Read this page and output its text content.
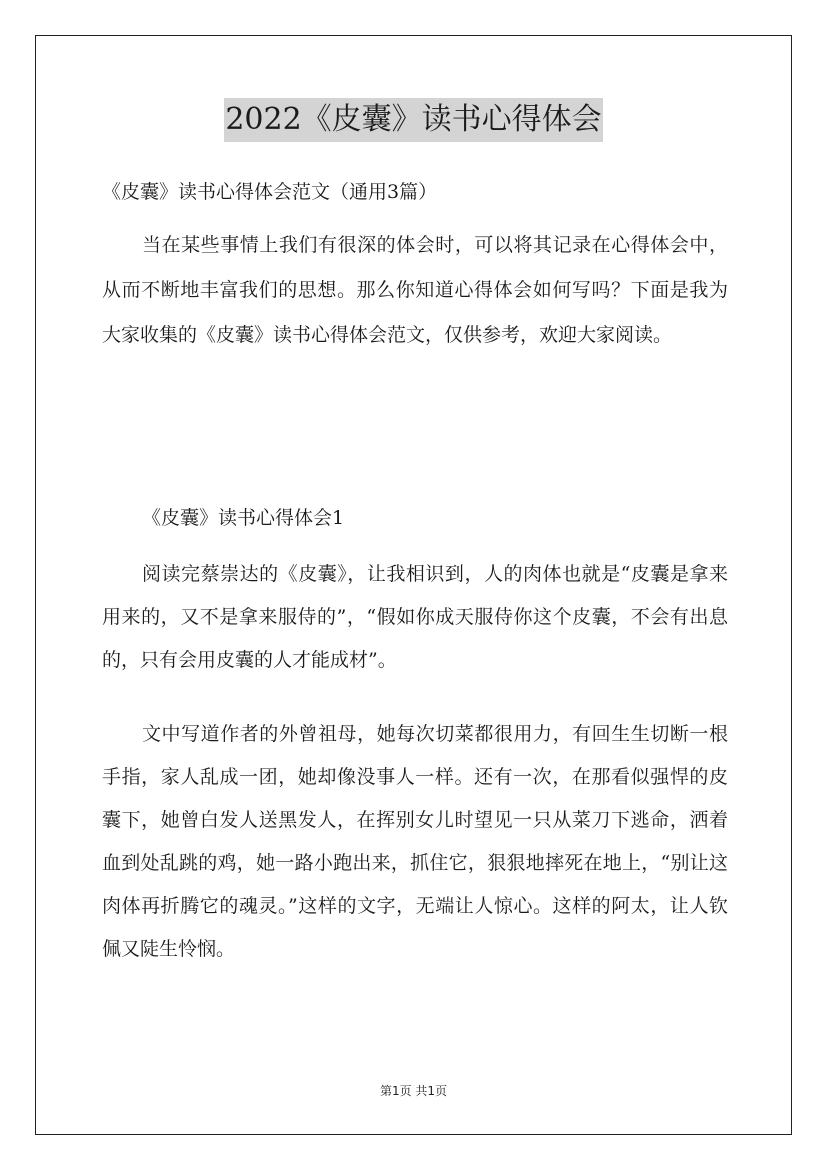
2022《皮囊》读书心得体会

《皮囊》读书心得体会范文（通用3篇）

当在某些事情上我们有很深的体会时，可以将其记录在心得体会中，从而不断地丰富我们的思想。那么你知道心得体会如何写吗？下面是我为大家收集的《皮囊》读书心得体会范文，仅供参考，欢迎大家阅读。

《皮囊》读书心得体会1

阅读完蔡崇达的《皮囊》，让我相识到，人的肉体也就是“皮囊是拿来用来的，又不是拿来服侍的”，“假如你成天服侍你这个皮囊，不会有出息的，只有会用皮囊的人才能成材”。

文中写道作者的外曾祖母，她每次切菜都很用力，有回生生切断一根手指，家人乱成一团，她却像没事人一样。还有一次，在那看似强悍的皮囊下，她曾白发人送黑发人，在挥别女儿时望见一只从菜刀下逃命，洒着血到处乱跳的鸡，她一路小跑出来，抓住它，狠狠地摔死在地上，“别让这肉体再折腾它的魂灵。”这样的文字，无端让人惊心。这样的阿太，让人钦佩又陡生怜悯。

第1页 共1页
